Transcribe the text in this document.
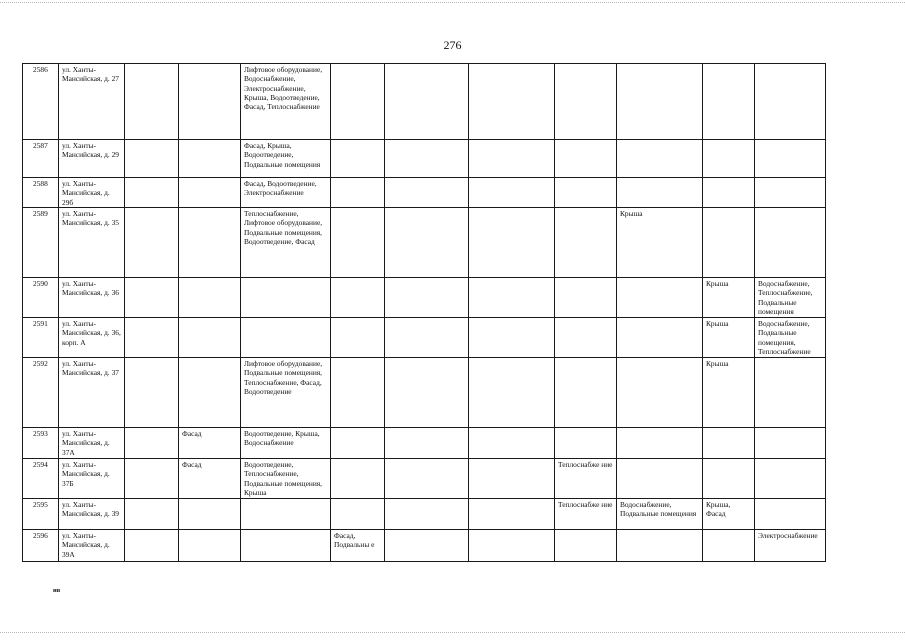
276
2586	ул. Ханты-Мансийская, д. 27			Лифтовое оборудование, Водоснабжение, Электроснабжение, Крыша, Водоотведение, Фасад, Теплоснабжение							
2587	ул. Ханты-Мансийская, д. 29			Фасад, Крыша, Водоотведение, Подвальные помещения							
2588	ул. Ханты-Мансийская, д. 29б			Фасад, Водоотведение, Электроснабжение							
2589	ул. Ханты-Мансийская, д. 35			Теплоснабжение, Лифтовое оборудование, Подвальные помещения, Водоотведение, Фасад					Крыша		
2590	ул. Ханты-Мансийская, д. 36									Крыша	Водоснабжение, Теплоснабжение, Подвальные помещения
2591	ул. Ханты-Мансийская, д. 36, корп. А									Крыша	Водоснабжение, Подвальные помещения, Теплоснабжение
2592	ул. Ханты-Мансийская, д. 37			Лифтовое оборудование, Подвальные помещения, Теплоснабжение, Фасад, Водоотведение						Крыша	
2593	ул. Ханты-Мансийская, д. 37А		Фасад	Водоотведение, Крыша, Водоснабжение							
2594	ул. Ханты-Мансийская, д. 37Б		Фасад	Водоотведение, Теплоснабжение, Подвальные помещения, Крыша				Теплоснабже ние			
2595	ул. Ханты-Мансийская, д. 39							Теплоснабже ние	Водоснабжение, Подвальные помещения	Крыша, Фасад	
2596	ул. Ханты-Мансийская, д. 39А				Фасад, Подвальны е						Электроснабжение
ив
